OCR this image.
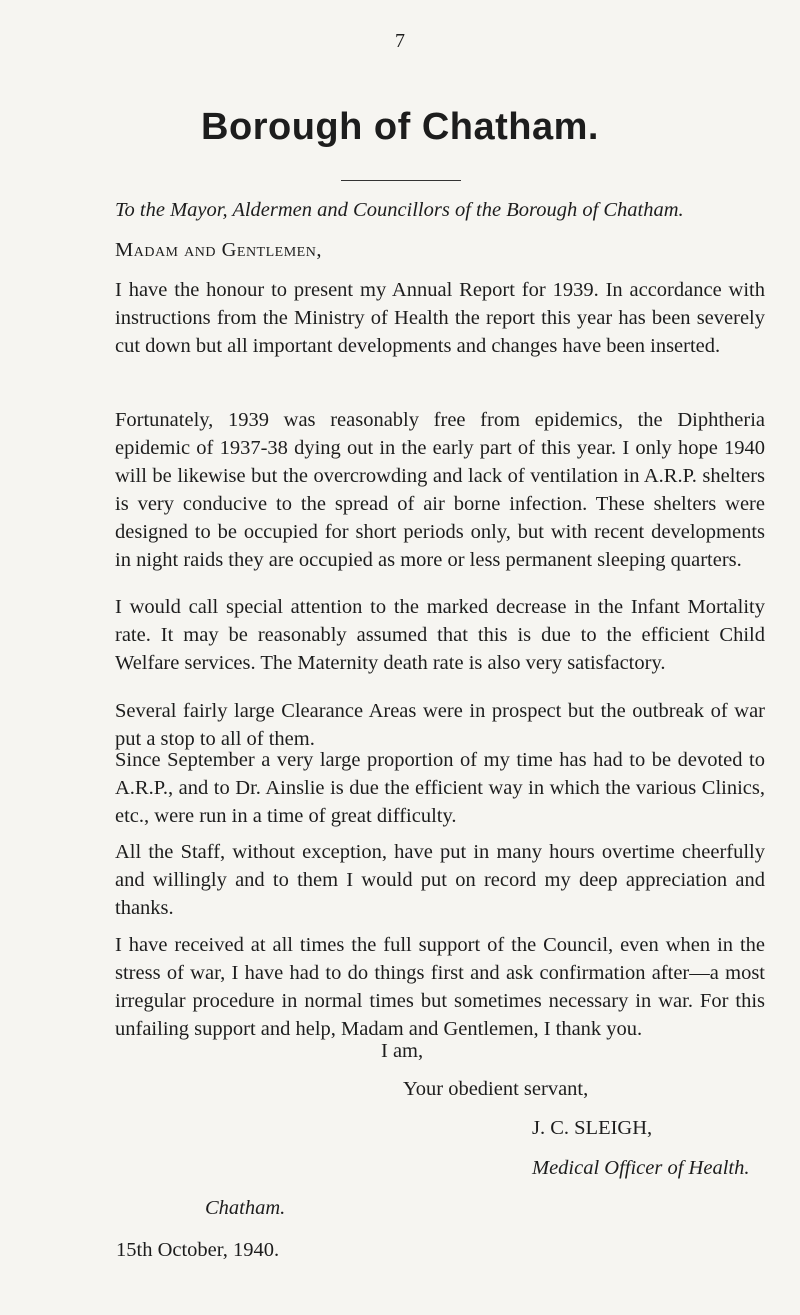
7
Borough of Chatham.
To the Mayor, Aldermen and Councillors of the Borough of Chatham.
Madam and Gentlemen,
I have the honour to present my Annual Report for 1939. In accordance with instructions from the Ministry of Health the report this year has been severely cut down but all important developments and changes have been inserted.
Fortunately, 1939 was reasonably free from epidemics, the Diphtheria epidemic of 1937-38 dying out in the early part of this year. I only hope 1940 will be likewise but the overcrowding and lack of ventilation in A.R.P. shelters is very conducive to the spread of air borne infection. These shelters were designed to be occupied for short periods only, but with recent developments in night raids they are occupied as more or less permanent sleeping quarters.
I would call special attention to the marked decrease in the Infant Mortality rate. It may be reasonably assumed that this is due to the efficient Child Welfare services. The Maternity death rate is also very satisfactory.
Several fairly large Clearance Areas were in prospect but the outbreak of war put a stop to all of them.
Since September a very large proportion of my time has had to be devoted to A.R.P., and to Dr. Ainslie is due the efficient way in which the various Clinics, etc., were run in a time of great difficulty.
All the Staff, without exception, have put in many hours overtime cheerfully and willingly and to them I would put on record my deep appreciation and thanks.
I have received at all times the full support of the Council, even when in the stress of war, I have had to do things first and ask confirmation after—a most irregular procedure in normal times but sometimes necessary in war. For this unfailing support and help, Madam and Gentlemen, I thank you.
I am,
Your obedient servant,
J. C. SLEIGH,
Medical Officer of Health.
Chatham.
15th October, 1940.
